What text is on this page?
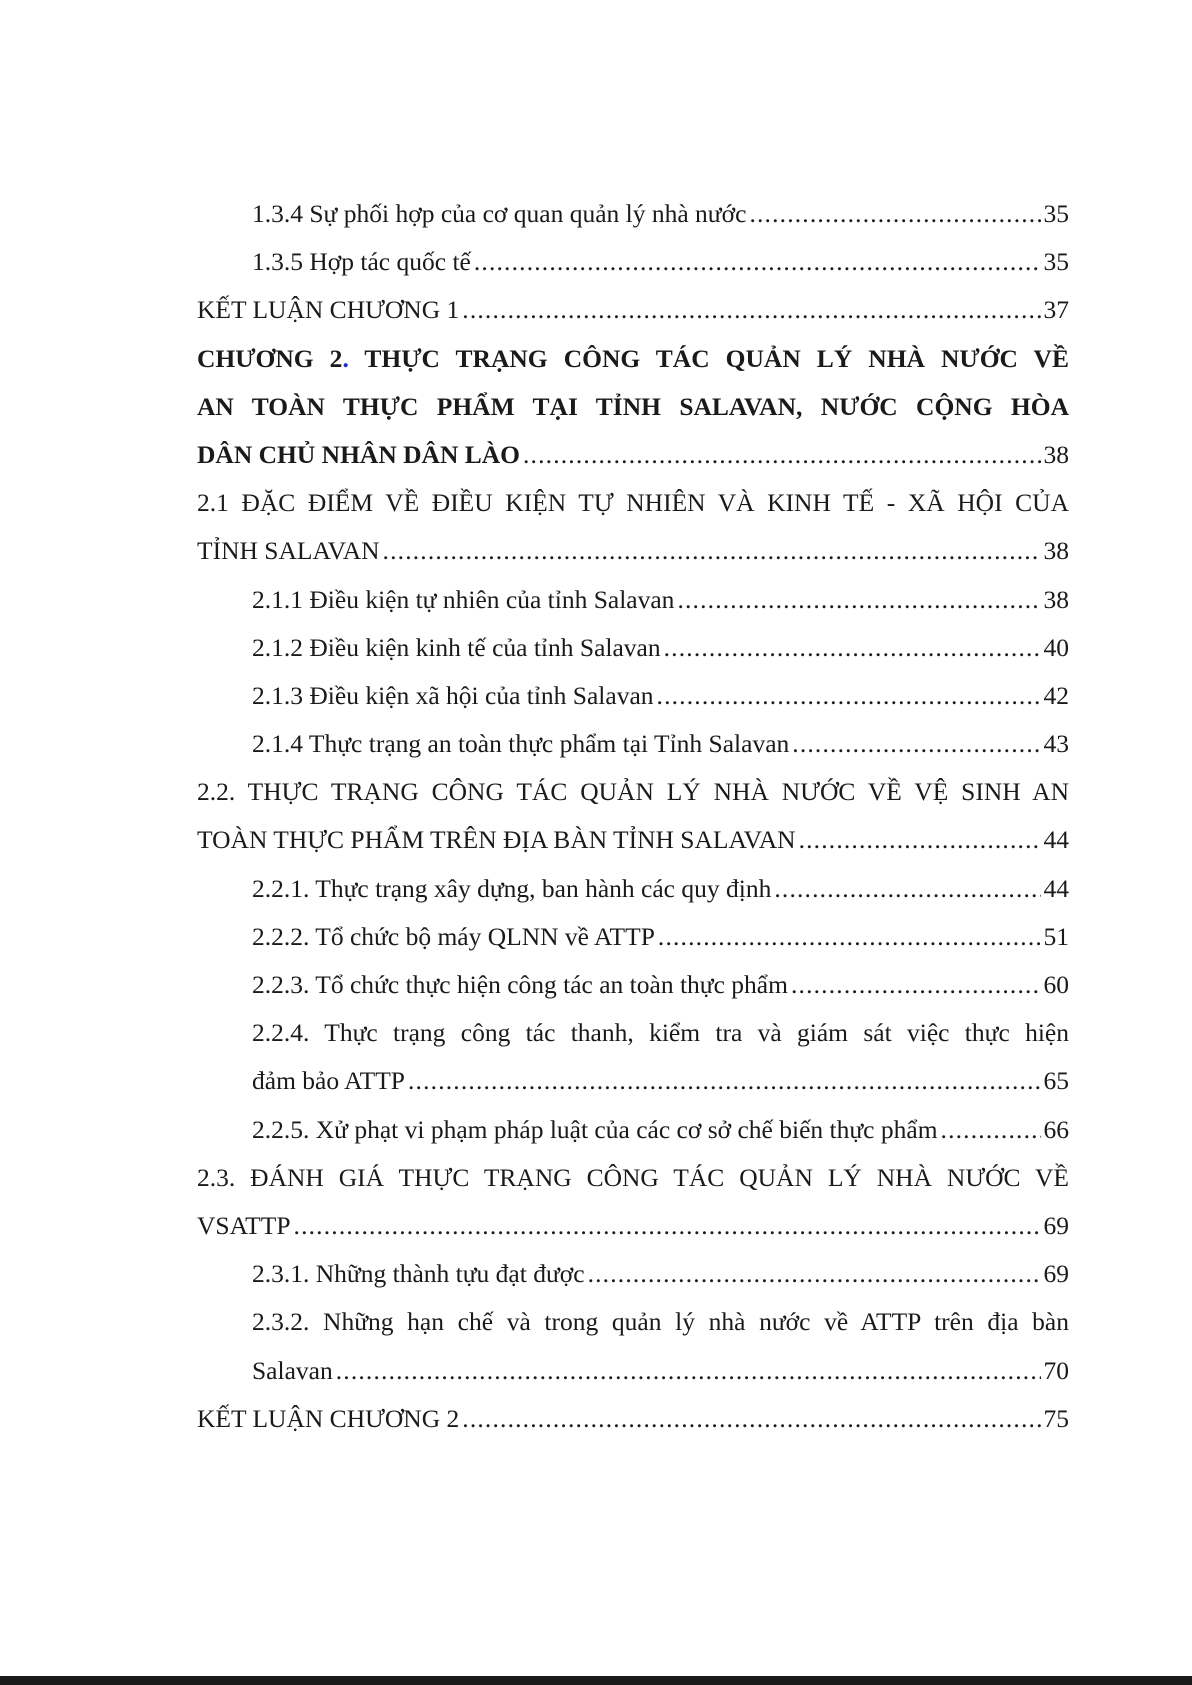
1.3.4 Sự phối hợp của cơ quan quản lý nhà nước . . .	35
1.3.5 Hợp tác quốc tế . . .	35
KẾT LUẬN CHƯƠNG 1 . . .	37
CHƯƠNG 2. THỰC TRẠNG CÔNG TÁC QUẢN LÝ NHÀ NƯỚC VỀ
AN TOÀN THỰC PHẨM TẠI TỈNH SALAVAN, NƯỚC CỘNG HÒA
DÂN CHỦ NHÂN DÂN LÀO . . .	38
2.1 ĐẶC ĐIỂM VỀ ĐIỀU KIỆN TỰ NHIÊN VÀ KINH TẾ - XÃ HỘI CỦA
TỈNH SALAVAN . . .	38
2.1.1 Điều kiện tự nhiên của tỉnh Salavan . . .	38
2.1.2 Điều kiện kinh tế của tỉnh Salavan . . .	40
2.1.3 Điều kiện xã hội của tỉnh Salavan . . .	42
2.1.4 Thực trạng an toàn thực phẩm tại Tỉnh Salavan . . .	43
2.2. THỰC TRẠNG CÔNG TÁC QUẢN LÝ NHÀ NƯỚC VỀ VỆ SINH AN
TOÀN THỰC PHẨM TRÊN ĐỊA BÀN TỈNH SALAVAN . . .	44
2.2.1. Thực trạng xây dựng, ban hành các quy định . . .	44
2.2.2. Tổ chức bộ máy QLNN về ATTP . . .	51
2.2.3. Tổ chức thực hiện công tác an toàn thực phẩm . . .	60
2.2.4. Thực trạng công tác thanh, kiểm tra và giám sát việc thực hiện
đảm bảo ATTP . . .	65
2.2.5. Xử phạt vi phạm pháp luật của các cơ sở chế biến thực phẩm . . .	66
2.3. ĐÁNH GIÁ THỰC TRẠNG CÔNG TÁC QUẢN LÝ NHÀ NƯỚC VỀ
VSATTP . . .	69
2.3.1. Những thành tựu đạt được . . .	69
2.3.2. Những hạn chế và trong quản lý nhà nước về ATTP trên địa bàn
Salavan . . .	70
KẾT LUẬN CHƯƠNG 2 . . .	75
